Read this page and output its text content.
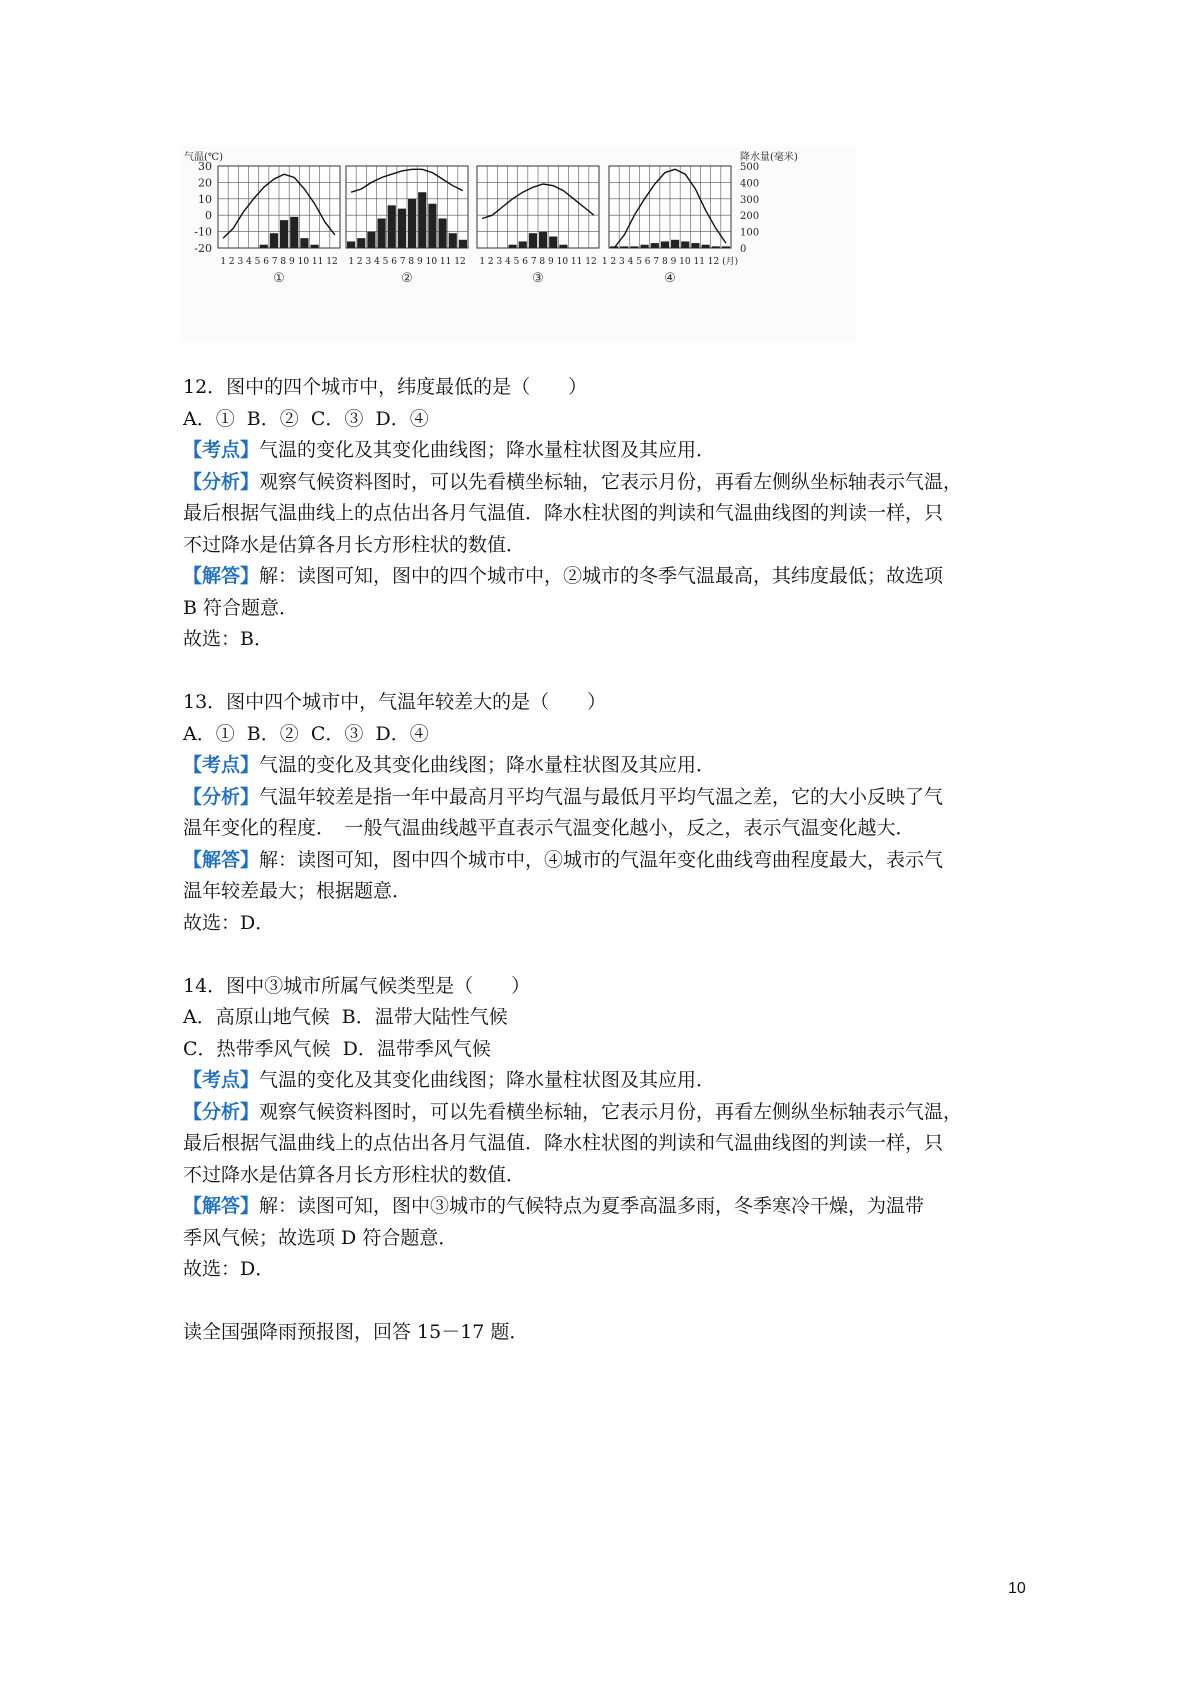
气温(℃)	降水量(毫米)
30
20
10
0
-10
-20
500
400
300
200
100
0
1 2 3 4 5 6 7 8 9 10 11 12
①
1 2 3 4 5 6 7 8 9 10 11 12
②
1 2 3 4 5 6 7 8 9 10 11 12
③
1 2 3 4 5 6 7 8 9 10 11 12 (月)
④

12．图中的四个城市中，纬度最低的是（　　）

A．①  B．②  C．③  D．④

【考点】气温的变化及其变化曲线图；降水量柱状图及其应用．

【分析】观察气候资料图时，可以先看横坐标轴，它表示月份，再看左侧纵坐标轴表示气温，

最后根据气温曲线上的点估出各月气温值．降水柱状图的判读和气温曲线图的判读一样，只

不过降水是估算各月长方形柱状的数值．

【解答】解：读图可知，图中的四个城市中，②城市的冬季气温最高，其纬度最低；故选项

B 符合题意．

故选：B．

13．图中四个城市中，气温年较差大的是（　　）

A．①  B．②  C．③  D．④

【考点】气温的变化及其变化曲线图；降水量柱状图及其应用．

【分析】气温年较差是指一年中最高月平均气温与最低月平均气温之差，它的大小反映了气

温年变化的程度．　一般气温曲线越平直表示气温变化越小，反之，表示气温变化越大．

【解答】解：读图可知，图中四个城市中，④城市的气温年变化曲线弯曲程度最大，表示气

温年较差最大；根据题意．

故选：D．

14．图中③城市所属气候类型是（　　）

A．高原山地气候  B．温带大陆性气候

C．热带季风气候  D．温带季风气候

【考点】气温的变化及其变化曲线图；降水量柱状图及其应用．

【分析】观察气候资料图时，可以先看横坐标轴，它表示月份，再看左侧纵坐标轴表示气温，

最后根据气温曲线上的点估出各月气温值．降水柱状图的判读和气温曲线图的判读一样，只

不过降水是估算各月长方形柱状的数值．

【解答】解：读图可知，图中③城市的气候特点为夏季高温多雨，冬季寒冷干燥，为温带

季风气候；故选项 D 符合题意．

故选：D．

读全国强降雨预报图，回答 15－17 题．

10
